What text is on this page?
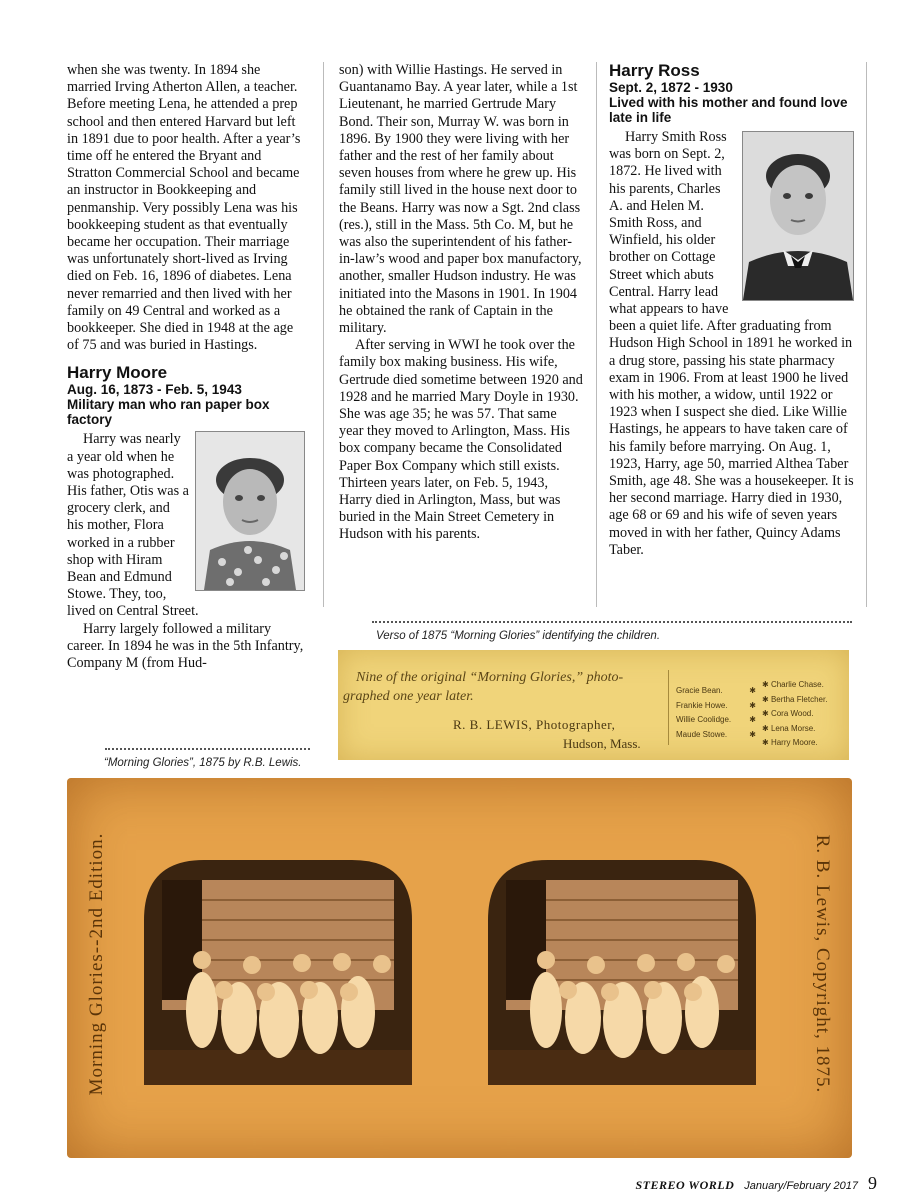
when she was twenty. In 1894 she married Irving Atherton Allen, a teacher. Before meeting Lena, he attended a prep school and then entered Harvard but left in 1891 due to poor health. After a year’s time off he entered the Bryant and Stratton Commercial School and became an instructor in Bookkeeping and penmanship. Very possibly Lena was his bookkeeping student as that eventually became her occupation. Their marriage was unfortunately short-lived as Irving died on Feb. 16, 1896 of diabetes. Lena never remarried and then lived with her family on 49 Central and worked as a bookkeeper. She died in 1948 at the age of 75 and was buried in Hastings.

Harry Moore
Aug. 16, 1873 - Feb. 5, 1943
Military man who ran paper box factory

Harry was nearly a year old when he was photographed. His father, Otis was a grocery clerk, and his mother, Flora worked in a rubber shop with Hiram Bean and Edmund Stowe. They, too, lived on Central Street.

Harry largely followed a military career. In 1894 he was in the 5th Infantry, Company M (from Hud-

son) with Willie Hastings. He served in Guantanamo Bay. A year later, while a 1st Lieutenant, he married Gertrude Mary Bond. Their son, Murray W. was born in 1896. By 1900 they were living with her father and the rest of her family about seven houses from where he grew up. His family still lived in the house next door to the Beans. Harry was now a Sgt. 2nd class (res.), still in the Mass. 5th Co. M, but he was also the superintendent of his father-in-law’s wood and paper box manufactory, another, smaller Hudson industry. He was initiated into the Masons in 1901. In 1904 he obtained the rank of Captain in the military.

After serving in WWI he took over the family box making business. His wife, Gertrude died sometime between 1920 and 1928 and he married Mary Doyle in 1930. She was age 35; he was 57. That same year they moved to Arlington, Mass. His box company became the Consolidated Paper Box Company which still exists. Thirteen years later, on Feb. 5, 1943, Harry died in Arlington, Mass, but was buried in the Main Street Cemetery in Hudson with his parents.

Harry Ross
Sept. 2, 1872 - 1930
Lived with his mother and found love late in life

Harry Smith Ross was born on Sept. 2, 1872. He lived with his parents, Charles A. and Helen M. Smith Ross, and Winfield, his older brother on Cottage Street which abuts Central. Harry lead what appears to have been a quiet life. After graduating from Hudson High School in 1891 he worked in a drug store, passing his state pharmacy exam in 1906. From at least 1900 he lived with his mother, a widow, until 1922 or 1923 when I suspect she died. Like Willie Hastings, he appears to have taken care of his family before marrying. On Aug. 1, 1923, Harry, age 50, married Althea Taber Smith, age 48. She was a housekeeper. It is her second marriage. Harry died in 1930, age 68 or 69 and his wife of seven years moved in with her father, Quincy Adams Taber.

Verso of 1875 “Morning Glories” identifying the children.
Nine of the original “Morning Glories,” photo-
graphed one year later.
R. B. LEWIS, Photographer,
Hudson, Mass.
Gracie Bean.	✱
Frankie Howe.	✱
Willie Coolidge. ✱
Maude Stowe.	✱
✱ Charlie Chase.
✱ Bertha Fletcher.
✱ Cora Wood.
✱ Lena Morse.
✱ Harry Moore.
“Morning Glories”, 1875 by R.B. Lewis.
Morning Glories--2nd Edition.	R. B. Lewis, Copyright, 1875.
STEREO WORLD January/February 2017 9
